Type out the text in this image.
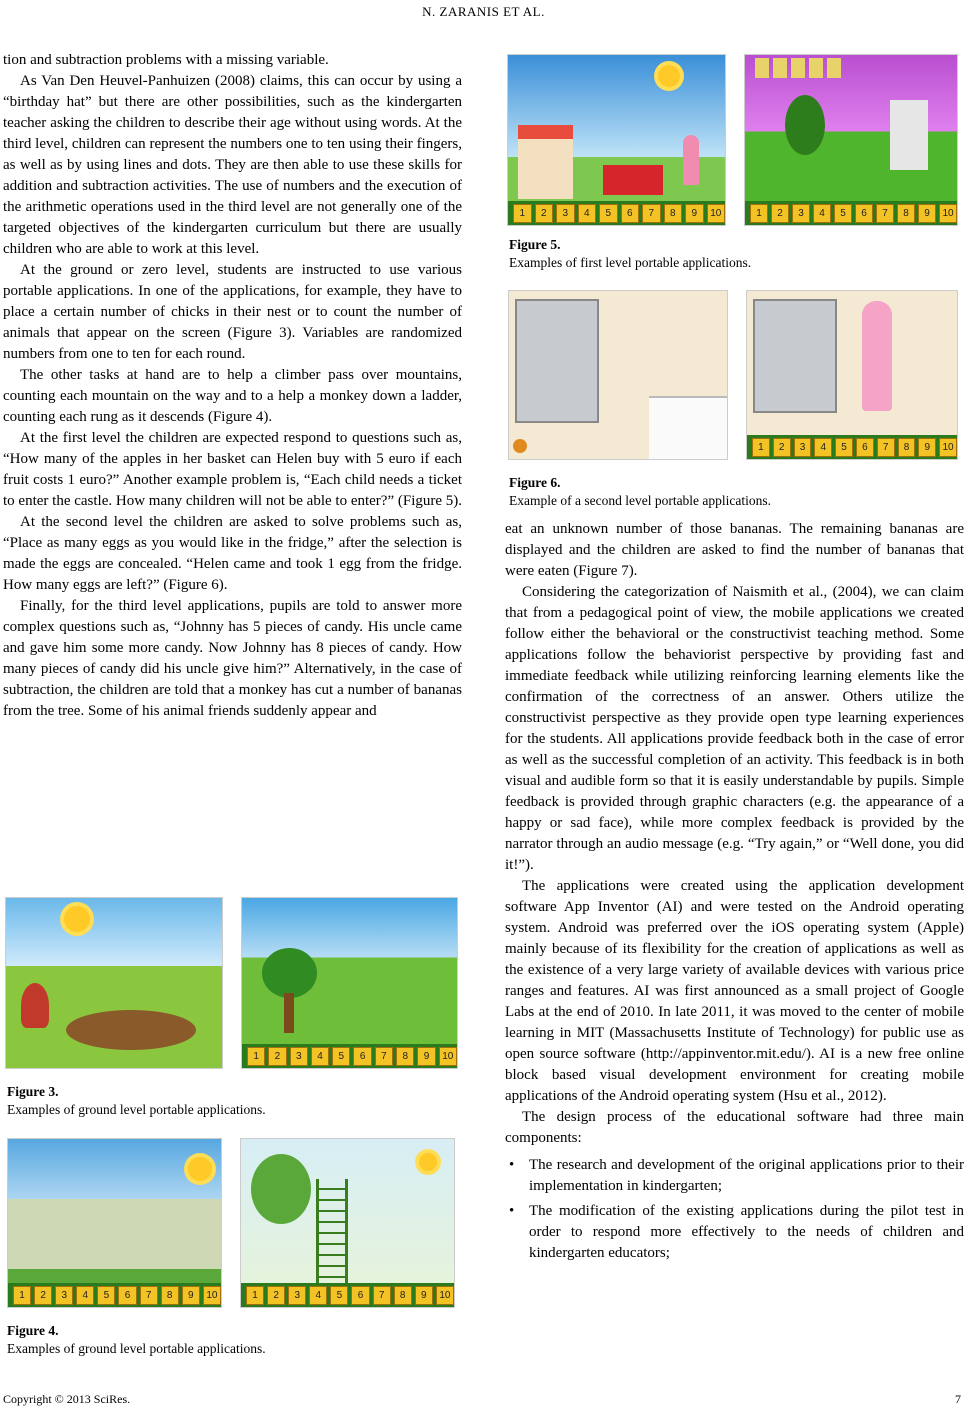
N. ZARANIS ET AL.

tion and subtraction problems with a missing variable.

As Van Den Heuvel-Panhuizen (2008) claims, this can occur by using a “birthday hat” but there are other possibilities, such as the kindergarten teacher asking the children to describe their age without using words. At the third level, children can represent the numbers one to ten using their fingers, as well as by using lines and dots. They are then able to use these skills for addition and subtraction activities. The use of numbers and the execution of the arithmetic operations used in the third level are not generally one of the targeted objectives of the kindergarten curriculum but there are usually children who are able to work at this level.

At the ground or zero level, students are instructed to use various portable applications. In one of the applications, for example, they have to place a certain number of chicks in their nest or to count the number of animals that appear on the screen (Figure 3). Variables are randomized numbers from one to ten for each round.

The other tasks at hand are to help a climber pass over mountains, counting each mountain on the way and to a help a monkey down a ladder, counting each rung as it descends (Figure 4).

At the first level the children are expected respond to questions such as, “How many of the apples in her basket can Helen buy with 5 euro if each fruit costs 1 euro?” Another example problem is, “Each child needs a ticket to enter the castle. How many children will not be able to enter?” (Figure 5).

At the second level the children are asked to solve problems such as, “Place as many eggs as you would like in the fridge,” after the selection is made the eggs are concealed. “Helen came and took 1 egg from the fridge. How many eggs are left?” (Figure 6).

Finally, for the third level applications, pupils are told to answer more complex questions such as, “Johnny has 5 pieces of candy. His uncle came and gave him some more candy. Now Johnny has 8 pieces of candy. How many pieces of candy did his uncle give him?” Alternatively, in the case of subtraction, the children are told that a monkey has cut a number of bananas from the tree. Some of his animal friends suddenly appear and

1	2	3	4	5	6	7	8	9	10	1	2	3	4	5	6	7	8	9	10
Figure 5.
Examples of first level portable applications.
1	2	3	4	5	6	7	8	9	10
Figure 6.
Example of a second level portable applications.
1	2	3	4	5	6	7	8	9	10
Figure 3.
Examples of ground level portable applications.
1	2	3	4	5	6	7	8	9	10	1	2	3	4	5	6	7	8	9	10
Figure 4.
Examples of ground level portable applications.

eat an unknown number of those bananas. The remaining bananas are displayed and the children are asked to find the number of bananas that were eaten (Figure 7).

Considering the categorization of Naismith et al., (2004), we can claim that from a pedagogical point of view, the mobile applications we created follow either the behavioral or the constructivist teaching method. Some applications follow the behaviorist perspective by providing fast and immediate feedback while utilizing reinforcing learning elements like the confirmation of the correctness of an answer. Others utilize the constructivist perspective as they provide open type learning experiences for the students. All applications provide feedback both in the case of error as well as the successful completion of an activity. This feedback is in both visual and audible form so that it is easily understandable by pupils. Simple feedback is provided through graphic characters (e.g. the appearance of a happy or sad face), while more complex feedback is provided by the narrator through an audio message (e.g. “Try again,” or “Well done, you did it!”).

The applications were created using the application development software App Inventor (AI) and were tested on the Android operating system. Android was preferred over the iOS operating system (Apple) mainly because of its flexibility for the creation of applications as well as the existence of a very large variety of available devices with various price ranges and features. AI was first announced as a small project of Google Labs at the end of 2010. In late 2011, it was moved to the center of mobile learning in MIT (Massachusetts Institute of Technology) for public use as open source software (http://appinventor.mit.edu/). AI is a new free online block based visual development environment for creating mobile applications of the Android operating system (Hsu et al., 2012).

The design process of the educational software had three main components:

• The research and development of the original applications prior to their implementation in kindergarten;
• The modification of the existing applications during the pilot test in order to respond more effectively to the needs of children and kindergarten educators;
Copyright © 2013 SciRes.	7
